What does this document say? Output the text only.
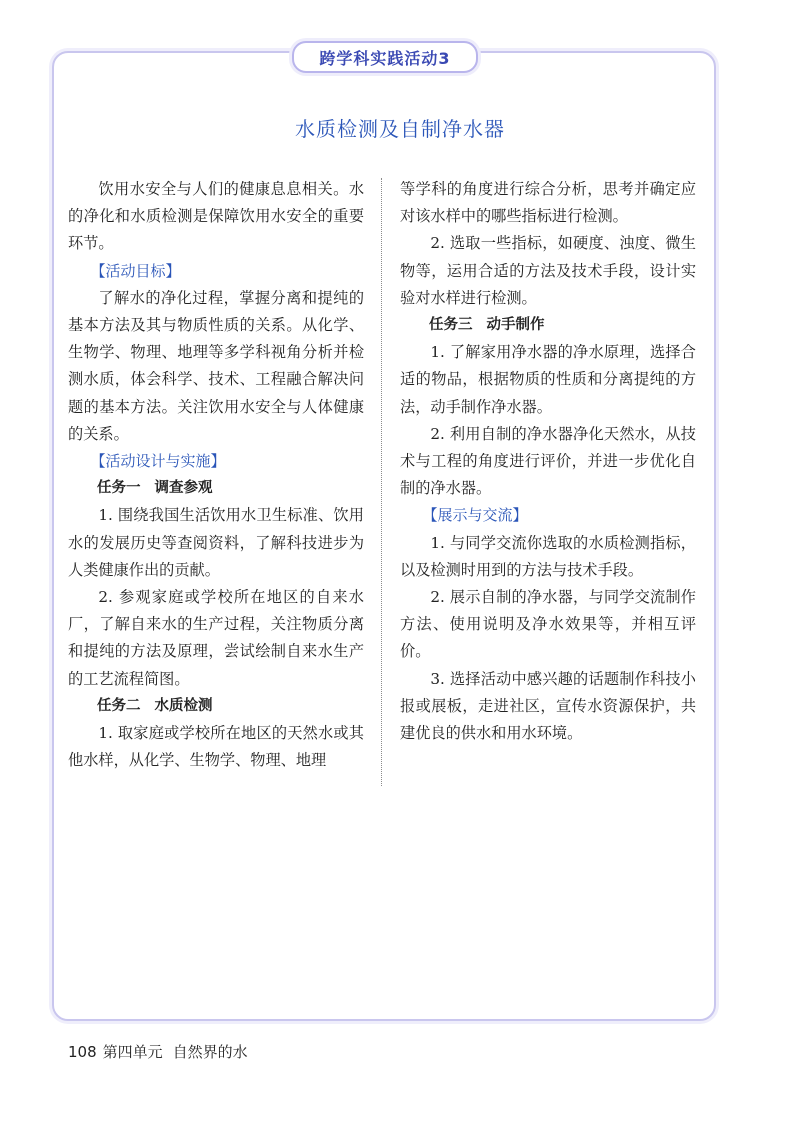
跨学科实践活动3
水质检测及自制净水器

饮用水安全与人们的健康息息相关。水的净化和水质检测是保障饮用水安全的重要环节。

【活动目标】

了解水的净化过程，掌握分离和提纯的基本方法及其与物质性质的关系。从化学、生物学、物理、地理等多学科视角分析并检测水质，体会科学、技术、工程融合解决问题的基本方法。关注饮用水安全与人体健康的关系。

【活动设计与实施】

任务一 调查参观

1. 围绕我国生活饮用水卫生标准、饮用水的发展历史等查阅资料，了解科技进步为人类健康作出的贡献。

2. 参观家庭或学校所在地区的自来水厂，了解自来水的生产过程，关注物质分离和提纯的方法及原理，尝试绘制自来水生产的工艺流程简图。

任务二 水质检测

1. 取家庭或学校所在地区的天然水或其他水样，从化学、生物学、物理、地理

等学科的角度进行综合分析，思考并确定应对该水样中的哪些指标进行检测。

2. 选取一些指标，如硬度、浊度、微生物等，运用合适的方法及技术手段，设计实验对水样进行检测。

任务三 动手制作

1. 了解家用净水器的净水原理，选择合适的物品，根据物质的性质和分离提纯的方法，动手制作净水器。

2. 利用自制的净水器净化天然水，从技术与工程的角度进行评价，并进一步优化自制的净水器。

【展示与交流】

1. 与同学交流你选取的水质检测指标，以及检测时用到的方法与技术手段。

2. 展示自制的净水器，与同学交流制作方法、使用说明及净水效果等，并相互评价。

3. 选择活动中感兴趣的话题制作科技小报或展板，走进社区，宣传水资源保护，共建优良的供水和用水环境。

108 第四单元 自然界的水
